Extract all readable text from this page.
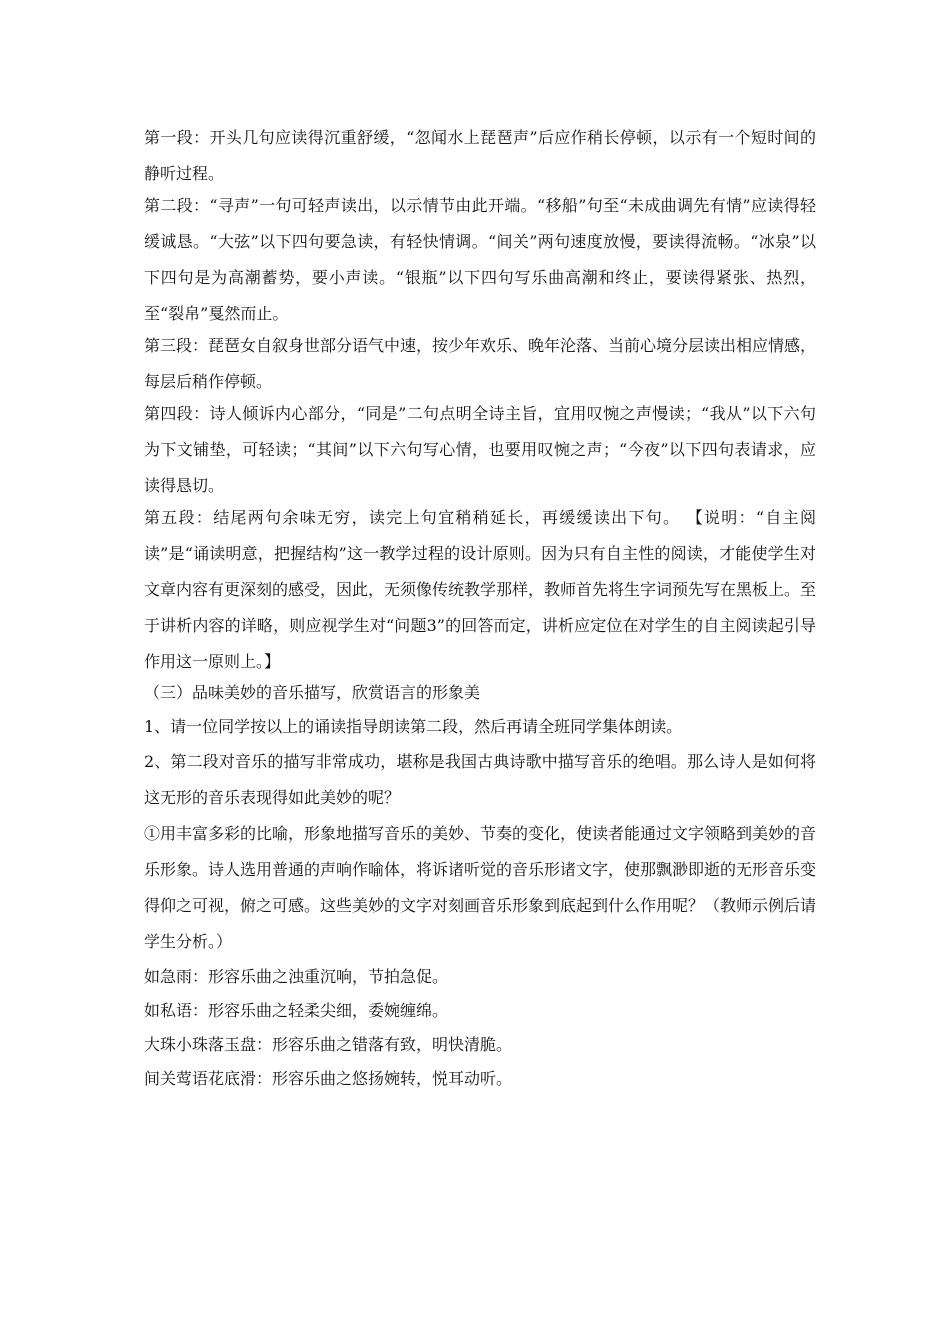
第一段：开头几句应读得沉重舒缓，“忽闻水上琵琶声”后应作稍长停顿，以示有一个短时间的静听过程。

第二段：“寻声”一句可轻声读出，以示情节由此开端。“移船”句至“未成曲调先有情”应读得轻缓诚恳。“大弦”以下四句要急读，有轻快情调。“间关”两句速度放慢，要读得流畅。“冰泉”以下四句是为高潮蓄势，要小声读。“银瓶”以下四句写乐曲高潮和终止，要读得紧张、热烈，至“裂帛”戛然而止。

第三段：琵琶女自叙身世部分语气中速，按少年欢乐、晚年沦落、当前心境分层读出相应情感，每层后稍作停顿。

第四段：诗人倾诉内心部分，“同是”二句点明全诗主旨，宜用叹惋之声慢读；“我从”以下六句为下文铺垫，可轻读；“其间”以下六句写心情，也要用叹惋之声；“今夜”以下四句表请求，应读得恳切。

第五段：结尾两句余味无穷，读完上句宜稍稍延长，再缓缓读出下句。 【说明：“自主阅读”是“诵读明意，把握结构”这一教学过程的设计原则。因为只有自主性的阅读，才能使学生对文章内容有更深刻的感受，因此，无须像传统教学那样，教师首先将生字词预先写在黑板上。至于讲析内容的详略，则应视学生对“问题3”的回答而定，讲析应定位在对学生的自主阅读起引导作用这一原则上。】

（三）品味美妙的音乐描写，欣赏语言的形象美

1、请一位同学按以上的诵读指导朗读第二段，然后再请全班同学集体朗读。

2、第二段对音乐的描写非常成功，堪称是我国古典诗歌中描写音乐的绝唱。那么诗人是如何将这无形的音乐表现得如此美妙的呢？

①用丰富多彩的比喻，形象地描写音乐的美妙、节奏的变化，使读者能通过文字领略到美妙的音乐形象。诗人选用普通的声响作喻体，将诉诸听觉的音乐形诸文字，使那飘渺即逝的无形音乐变得仰之可视，俯之可感。这些美妙的文字对刻画音乐形象到底起到什么作用呢？（教师示例后请学生分析。）

如急雨：形容乐曲之浊重沉响，节拍急促。

如私语：形容乐曲之轻柔尖细，委婉缠绵。

大珠小珠落玉盘：形容乐曲之错落有致，明快清脆。

间关莺语花底滑：形容乐曲之悠扬婉转，悦耳动听。
